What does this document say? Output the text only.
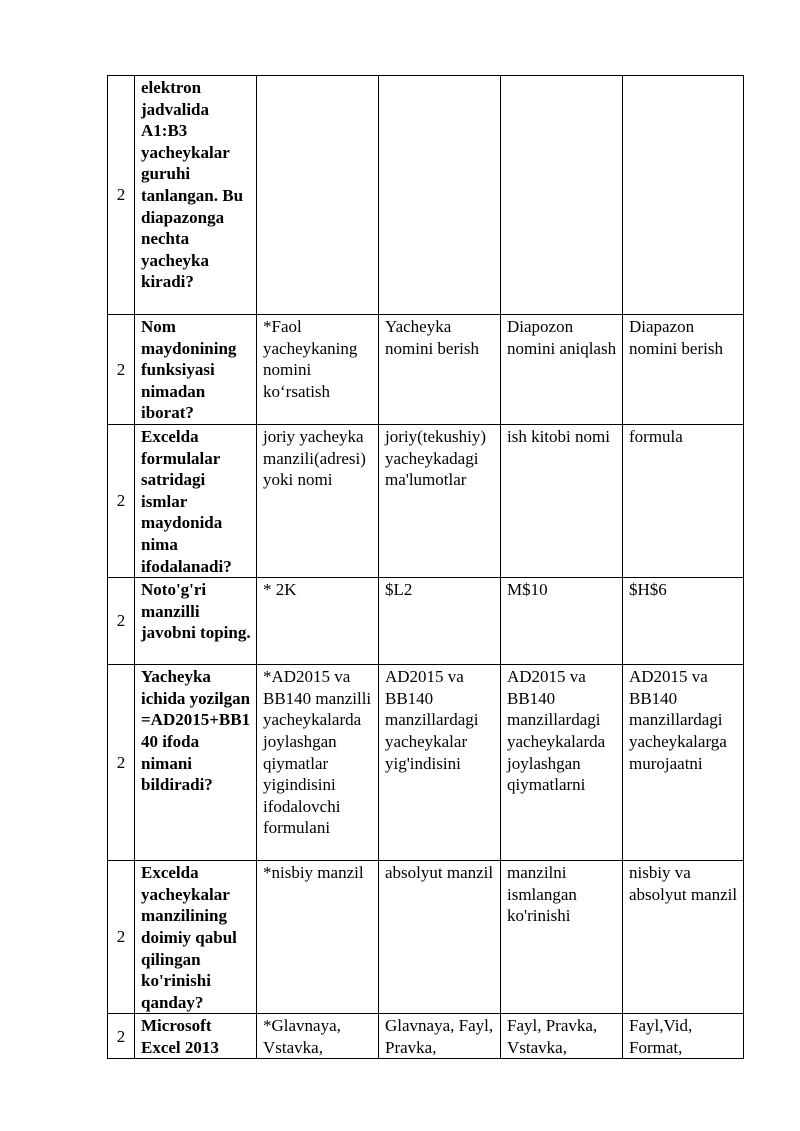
2	elektron jadvalida A1:B3 yacheykalar guruhi tanlangan. Bu diapazonga nechta yacheyka kiradi?				
2	Nom maydonining funksiyasi nimadan iborat?	*Faol yacheykaning nomini ko‘rsatish	Yacheyka nomini berish	Diapozon nomini aniqlash	Diapazon nomini berish
2	Excelda formulalar satridagi ismlar maydonida nima ifodalanadi?	joriy yacheyka manzili(adresi) yoki nomi	joriy(tekushiy) yacheykadagi ma'lumotlar	ish kitobi nomi	formula
2	Noto'g'ri manzilli javobni toping.	* 2K	$L2	M$10	$H$6
2	Yacheyka ichida yozilgan =AD2015+BB140 ifoda nimani bildiradi?	*AD2015 va BB140 manzilli yacheykalarda joylashgan qiymatlar yigindisini ifodalovchi formulani	AD2015 va BB140 manzillardagi yacheykalar yig'indisini	AD2015 va BB140 manzillardagi yacheykalarda joylashgan qiymatlarni	AD2015 va BB140 manzillardagi yacheykalarga murojaatni
2	Excelda yacheykalar manzilining doimiy qabul qilingan ko'rinishi qanday?	*nisbiy manzil	absolyut manzil	manzilni ismlangan ko'rinishi	nisbiy va absolyut manzil
2	Microsoft Excel 2013	*Glavnaya, Vstavka,	Glavnaya, Fayl, Pravka,	Fayl, Pravka, Vstavka,	Fayl,Vid, Format,
